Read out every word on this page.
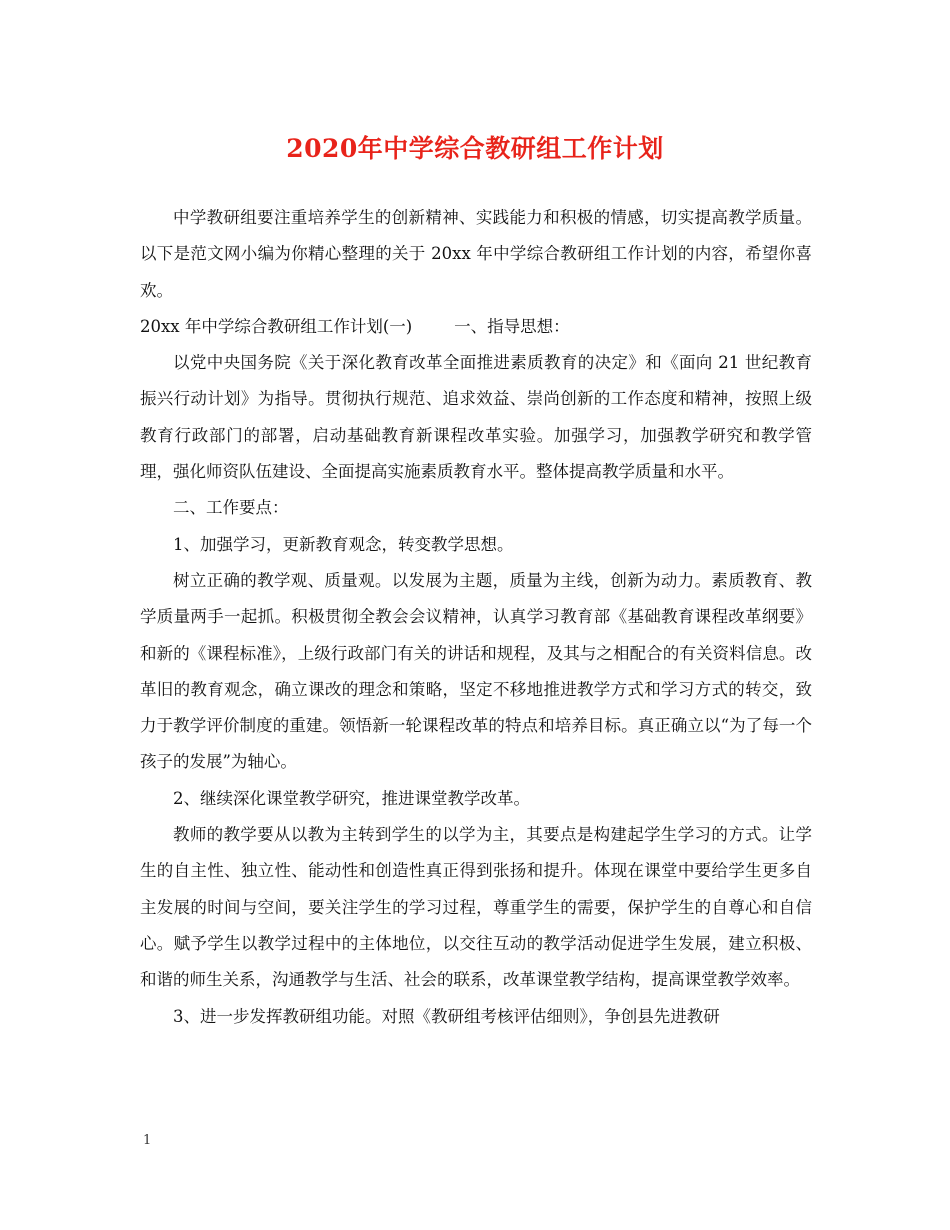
2020年中学综合教研组工作计划

中学教研组要注重培养学生的创新精神、实践能力和积极的情感，切实提高教学质量。以下是范文网小编为你精心整理的关于 20xx 年中学综合教研组工作计划的内容，希望你喜欢。

20xx 年中学综合教研组工作计划(一)        一、指导思想：

以党中央国务院《关于深化教育改革全面推进素质教育的决定》和《面向 21 世纪教育振兴行动计划》为指导。贯彻执行规范、追求效益、崇尚创新的工作态度和精神，按照上级教育行政部门的部署，启动基础教育新课程改革实验。加强学习，加强教学研究和教学管理，强化师资队伍建设、全面提高实施素质教育水平。整体提高教学质量和水平。

二、工作要点：

1、加强学习，更新教育观念，转变教学思想。

树立正确的教学观、质量观。以发展为主题，质量为主线，创新为动力。素质教育、教学质量两手一起抓。积极贯彻全教会会议精神，认真学习教育部《基础教育课程改革纲要》和新的《课程标准》，上级行政部门有关的讲话和规程，及其与之相配合的有关资料信息。改革旧的教育观念，确立课改的理念和策略，坚定不移地推进教学方式和学习方式的转交，致力于教学评价制度的重建。领悟新一轮课程改革的特点和培养目标。真正确立以“为了每一个孩子的发展”为轴心。

2、继续深化课堂教学研究，推进课堂教学改革。

教师的教学要从以教为主转到学生的以学为主，其要点是构建起学生学习的方式。让学生的自主性、独立性、能动性和创造性真正得到张扬和提升。体现在课堂中要给学生更多自主发展的时间与空间，要关注学生的学习过程，尊重学生的需要，保护学生的自尊心和自信心。赋予学生以教学过程中的主体地位，以交往互动的教学活动促进学生发展，建立积极、和谐的师生关系，沟通教学与生活、社会的联系，改革课堂教学结构，提高课堂教学效率。

3、进一步发挥教研组功能。对照《教研组考核评估细则》，争创县先进教研

1
